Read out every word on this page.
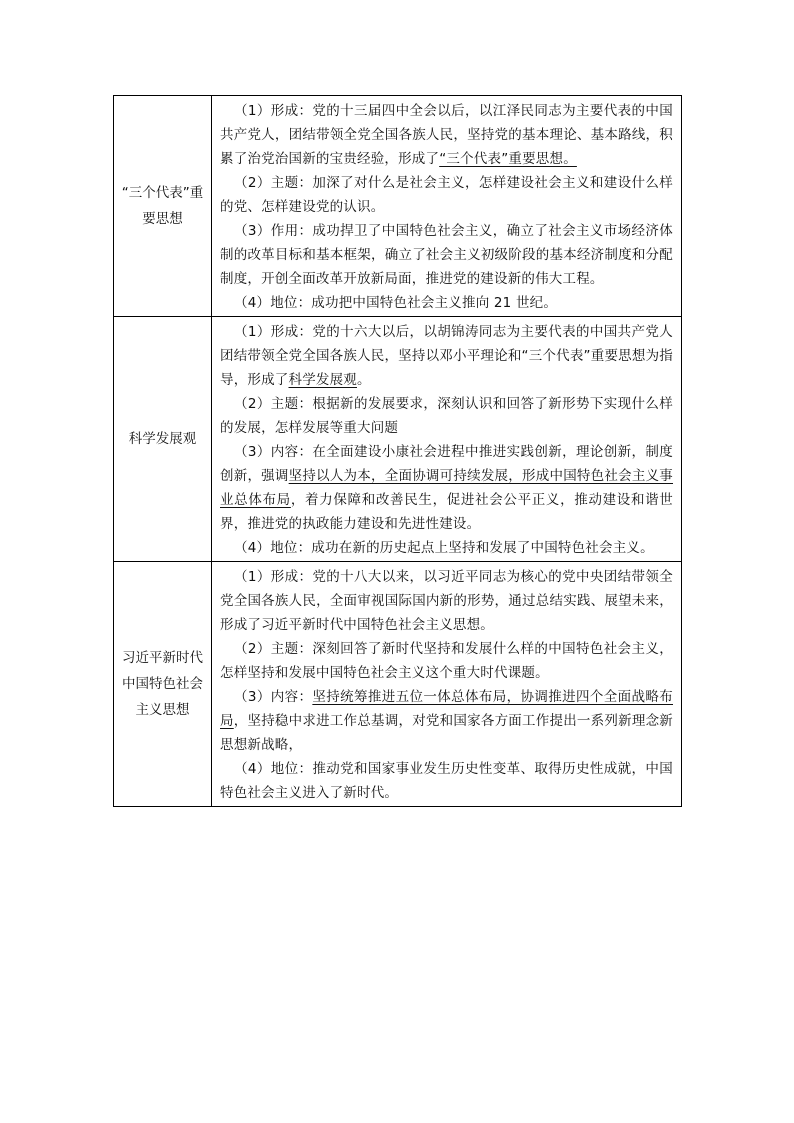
“三个代表”重要思想	（1）形成：党的十三届四中全会以后，以江泽民同志为主要代表的中国共产党人，团结带领全党全国各族人民，坚持党的基本理论、基本路线，积累了治党治国新的宝贵经验，形成了“三个代表”重要思想。
（2）主题：加深了对什么是社会主义，怎样建设社会主义和建设什么样的党、怎样建设党的认识。
（3）作用：成功捍卫了中国特色社会主义，确立了社会主义市场经济体制的改革目标和基本框架，确立了社会主义初级阶段的基本经济制度和分配制度，开创全面改革开放新局面，推进党的建设新的伟大工程。
（4）地位：成功把中国特色社会主义推向 21 世纪。

科学发展观	（1）形成：党的十六大以后，以胡锦涛同志为主要代表的中国共产党人团结带领全党全国各族人民，坚持以邓小平理论和“三个代表”重要思想为指导，形成了科学发展观。
（2）主题：根据新的发展要求，深刻认识和回答了新形势下实现什么样的发展，怎样发展等重大问题
（3）内容：在全面建设小康社会进程中推进实践创新，理论创新，制度创新，强调坚持以人为本，全面协调可持续发展，形成中国特色社会主义事业总体布局，着力保障和改善民生，促进社会公平正义，推动建设和谐世界，推进党的执政能力建设和先进性建设。
（4）地位：成功在新的历史起点上坚持和发展了中国特色社会主义。

习近平新时代中国特色社会主义思想	（1）形成：党的十八大以来，以习近平同志为核心的党中央团结带领全党全国各族人民，全面审视国际国内新的形势，通过总结实践、展望未来，形成了习近平新时代中国特色社会主义思想。
（2）主题：深刻回答了新时代坚持和发展什么样的中国特色社会主义，怎样坚持和发展中国特色社会主义这个重大时代课题。
（3）内容：坚持统筹推进五位一体总体布局，协调推进四个全面战略布局，坚持稳中求进工作总基调，对党和国家各方面工作提出一系列新理念新思想新战略，
（4）地位：推动党和国家事业发生历史性变革、取得历史性成就，中国特色社会主义进入了新时代。
